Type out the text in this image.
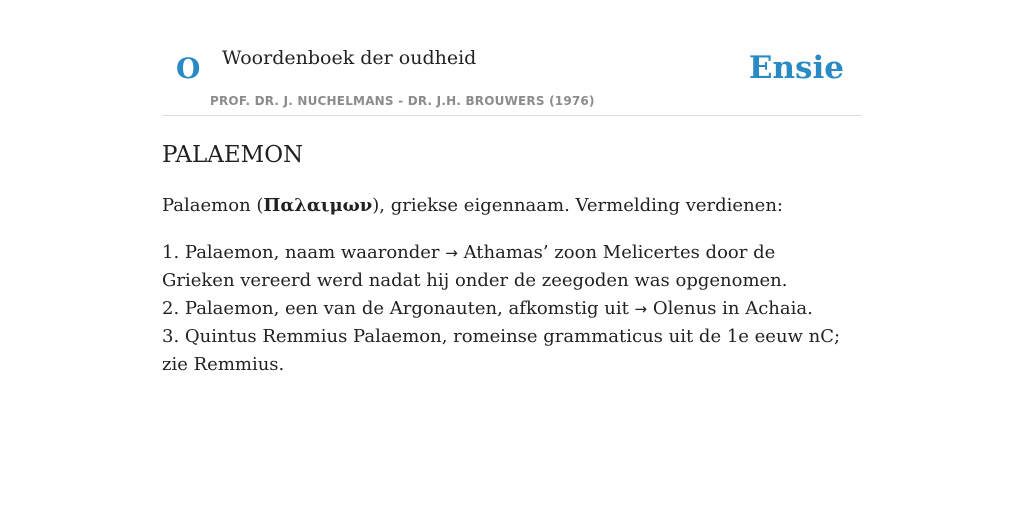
O Woordenboek der oudheid	Ensie
PROF. DR. J. NUCHELMANS - DR. J.H. BROUWERS (1976)
PALAEMON

Palaemon (Παλαιμων), griekse eigennaam. Vermelding verdienen:

1. Palaemon, naam waaronder → Athamas’ zoon Melicertes door de Grieken vereerd werd nadat hij onder de zeegoden was opgenomen.

2. Palaemon, een van de Argonauten, afkomstig uit → Olenus in Achaia.

3. Quintus Remmius Palaemon, romeinse grammaticus uit de 1e eeuw nC; zie Remmius.
